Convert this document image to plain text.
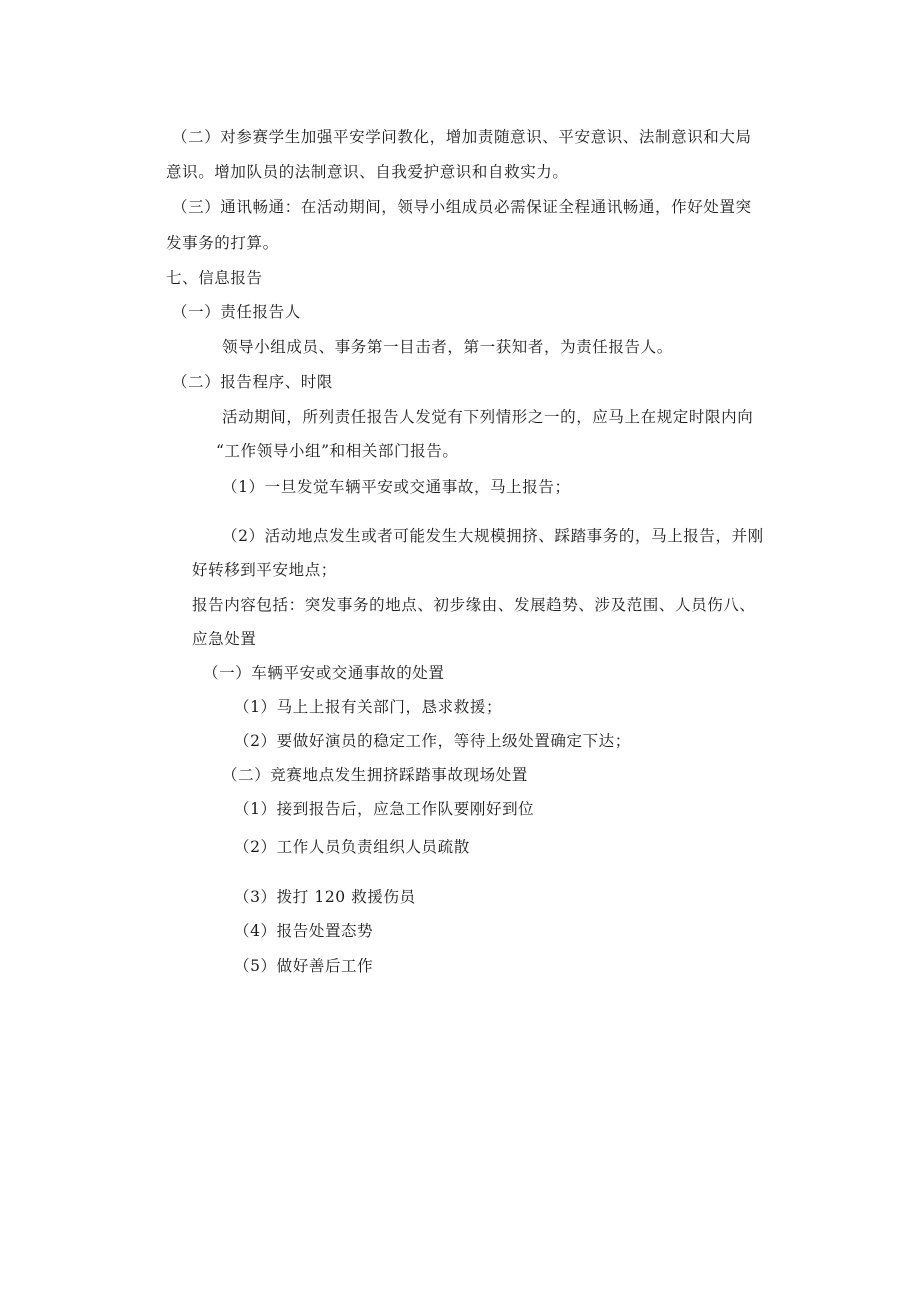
（二）对参赛学生加强平安学问教化，增加责随意识、平安意识、法制意识和大局
意识。增加队员的法制意识、自我爱护意识和自救实力。
（三）通讯畅通：在活动期间，领导小组成员必需保证全程通讯畅通，作好处置突
发事务的打算。
七、信息报告
（一）责任报告人
领导小组成员、事务第一目击者，第一获知者，为责任报告人。
（二）报告程序、时限
活动期间，所列责任报告人发觉有下列情形之一的，应马上在规定时限内向
“工作领导小组”和相关部门报告。
（1）一旦发觉车辆平安或交通事故，马上报告；
（2）活动地点发生或者可能发生大规模拥挤、踩踏事务的，马上报告，并刚
好转移到平安地点；
报告内容包括：突发事务的地点、初步缘由、发展趋势、涉及范围、人员伤八、
应急处置
（一）车辆平安或交通事故的处置
（1）马上上报有关部门，恳求救援；
（2）要做好演员的稳定工作，等待上级处置确定下达；
（二）竞赛地点发生拥挤踩踏事故现场处置
（1）接到报告后，应急工作队要刚好到位
（2）工作人员负责组织人员疏散
（3）拨打 120 救援伤员
（4）报告处置态势
（5）做好善后工作
